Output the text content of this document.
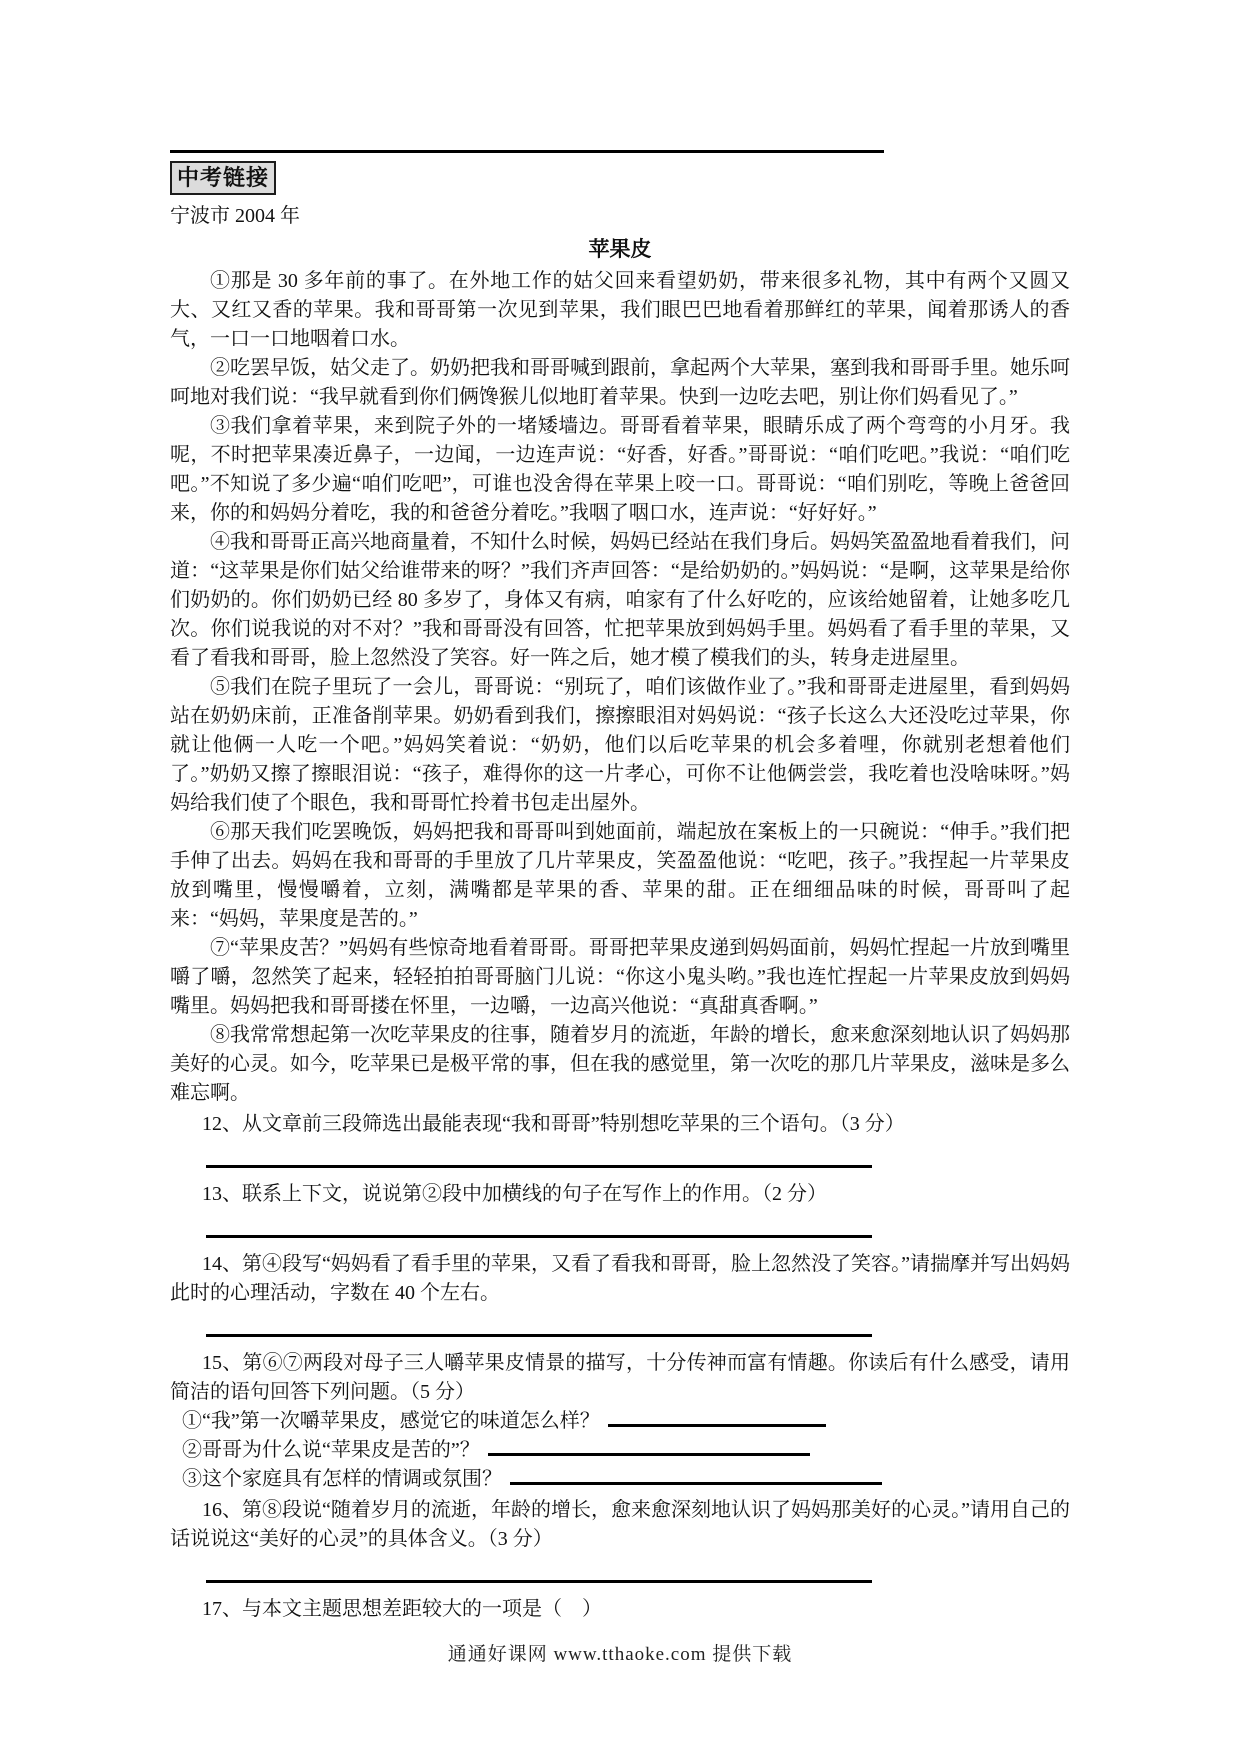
中考链接

宁波市 2004 年

苹果皮

①那是 30 多年前的事了。在外地工作的姑父回来看望奶奶，带来很多礼物，其中有两个又圆又大、又红又香的苹果。我和哥哥第一次见到苹果，我们眼巴巴地看着那鲜红的苹果，闻着那诱人的香气，一口一口地咽着口水。

②吃罢早饭，姑父走了。奶奶把我和哥哥喊到跟前，拿起两个大苹果，塞到我和哥哥手里。她乐呵呵地对我们说：“我早就看到你们俩馋猴儿似地盯着苹果。快到一边吃去吧，别让你们妈看见了。”

③我们拿着苹果，来到院子外的一堵矮墙边。哥哥看着苹果，眼睛乐成了两个弯弯的小月牙。我呢，不时把苹果凑近鼻子，一边闻，一边连声说：“好香，好香。”哥哥说：“咱们吃吧。”我说：“咱们吃吧。”不知说了多少遍“咱们吃吧”，可谁也没舍得在苹果上咬一口。哥哥说：“咱们别吃，等晚上爸爸回来，你的和妈妈分着吃，我的和爸爸分着吃。”我咽了咽口水，连声说：“好好好。”

④我和哥哥正高兴地商量着，不知什么时候，妈妈已经站在我们身后。妈妈笑盈盈地看着我们，问道：“这苹果是你们姑父给谁带来的呀？”我们齐声回答：“是给奶奶的。”妈妈说：“是啊，这苹果是给你们奶奶的。你们奶奶已经 80 多岁了，身体又有病，咱家有了什么好吃的，应该给她留着，让她多吃几次。你们说我说的对不对？”我和哥哥没有回答，忙把苹果放到妈妈手里。妈妈看了看手里的苹果，又看了看我和哥哥，脸上忽然没了笑容。好一阵之后，她才模了模我们的头，转身走进屋里。

⑤我们在院子里玩了一会儿，哥哥说：“别玩了，咱们该做作业了。”我和哥哥走进屋里，看到妈妈站在奶奶床前，正准备削苹果。奶奶看到我们，擦擦眼泪对妈妈说：“孩子长这么大还没吃过苹果，你就让他俩一人吃一个吧。”妈妈笑着说：“奶奶，他们以后吃苹果的机会多着哩，你就别老想着他们了。”奶奶又擦了擦眼泪说：“孩子，难得你的这一片孝心，可你不让他俩尝尝，我吃着也没啥味呀。”妈妈给我们使了个眼色，我和哥哥忙拎着书包走出屋外。

⑥那天我们吃罢晚饭，妈妈把我和哥哥叫到她面前，端起放在案板上的一只碗说：“伸手。”我们把手伸了出去。妈妈在我和哥哥的手里放了几片苹果皮，笑盈盈他说：“吃吧，孩子。”我捏起一片苹果皮放到嘴里，慢慢嚼着，立刻，满嘴都是苹果的香、苹果的甜。正在细细品味的时候，哥哥叫了起来：“妈妈，苹果度是苦的。”

⑦“苹果皮苦？”妈妈有些惊奇地看着哥哥。哥哥把苹果皮递到妈妈面前，妈妈忙捏起一片放到嘴里嚼了嚼，忽然笑了起来，轻轻拍拍哥哥脑门儿说：“你这小鬼头哟。”我也连忙捏起一片苹果皮放到妈妈嘴里。妈妈把我和哥哥搂在怀里，一边嚼，一边高兴他说：“真甜真香啊。”

⑧我常常想起第一次吃苹果皮的往事，随着岁月的流逝，年龄的增长，愈来愈深刻地认识了妈妈那美好的心灵。如今，吃苹果已是极平常的事，但在我的感觉里，第一次吃的那几片苹果皮，滋味是多么难忘啊。

12、从文章前三段筛选出最能表现“我和哥哥”特别想吃苹果的三个语句。（3 分）

13、联系上下文，说说第②段中加横线的句子在写作上的作用。（2 分）

14、第④段写“妈妈看了看手里的苹果，又看了看我和哥哥，脸上忽然没了笑容。”请揣摩并写出妈妈此时的心理活动，字数在 40 个左右。

15、第⑥⑦两段对母子三人嚼苹果皮情景的描写，十分传神而富有情趣。你读后有什么感受，请用简洁的语句回答下列问题。（5 分）

①“我”第一次嚼苹果皮，感觉它的味道怎么样？

②哥哥为什么说“苹果皮是苦的”？

③这个家庭具有怎样的情调或氛围？

16、第⑧段说“随着岁月的流逝，年龄的增长，愈来愈深刻地认识了妈妈那美好的心灵。”请用自己的话说说这“美好的心灵”的具体含义。（3 分）

17、与本文主题思想差距较大的一项是（　）

通通好课网 www.tthaoke.com 提供下载
